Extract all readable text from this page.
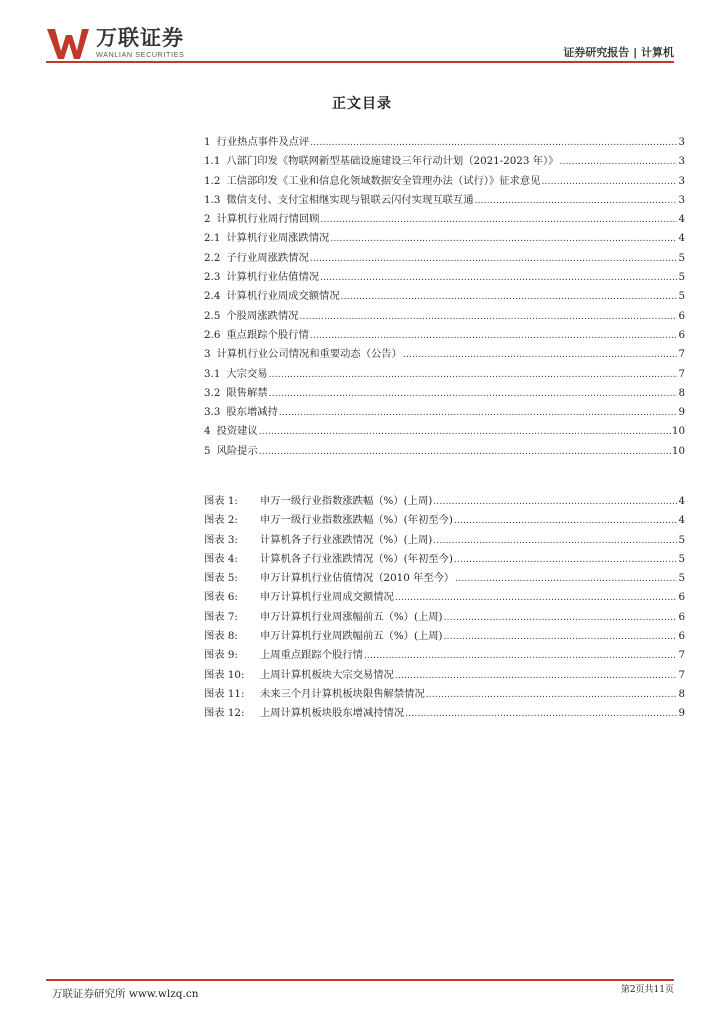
万联证券
WANLIAN SECURITIES	证券研究报告 | 计算机
正文目录
1 行业热点事件及点评 .....	3
1.1 八部门印发《物联网新型基础设施建设三年行动计划（2021-2023 年）》 .....	3
1.2 工信部印发《工业和信息化领域数据安全管理办法（试行）》征求意见 .....	3
1.3 微信支付、支付宝相继实现与银联云闪付实现互联互通 .....	3
2 计算机行业周行情回顾 .....	4
2.1 计算机行业周涨跌情况 .....	4
2.2 子行业周涨跌情况 .....	5
2.3 计算机行业估值情况 .....	5
2.4 计算机行业周成交额情况 .....	5
2.5 个股周涨跌情况 .....	6
2.6 重点跟踪个股行情 .....	6
3 计算机行业公司情况和重要动态（公告） .....	7
3.1 大宗交易 .....	7
3.2 限售解禁 .....	8
3.3 股东增减持 .....	9
4 投资建议 .....	10
5 风险提示 .....	10
图表 1:	申万一级行业指数涨跌幅（%）(上周) .....	4
图表 2:	申万一级行业指数涨跌幅（%）(年初至今) .....	4
图表 3:	计算机各子行业涨跌情况（%）(上周) .....	5
图表 4:	计算机各子行业涨跌情况（%）(年初至今) .....	5
图表 5:	申万计算机行业估值情况（2010 年至今） .....	5
图表 6:	申万计算机行业周成交额情况 .....	6
图表 7:	申万计算机行业周涨幅前五（%）(上周) .....	6
图表 8:	申万计算机行业周跌幅前五（%）(上周) .....	6
图表 9:	上周重点跟踪个股行情 .....	7
图表 10:	上周计算机板块大宗交易情况 .....	7
图表 11:	未来三个月计算机板块限售解禁情况 .....	8
图表 12:	上周计算机板块股东增减持情况 .....	9
万联证券研究所 www.wlzq.cn	第2页共11页
